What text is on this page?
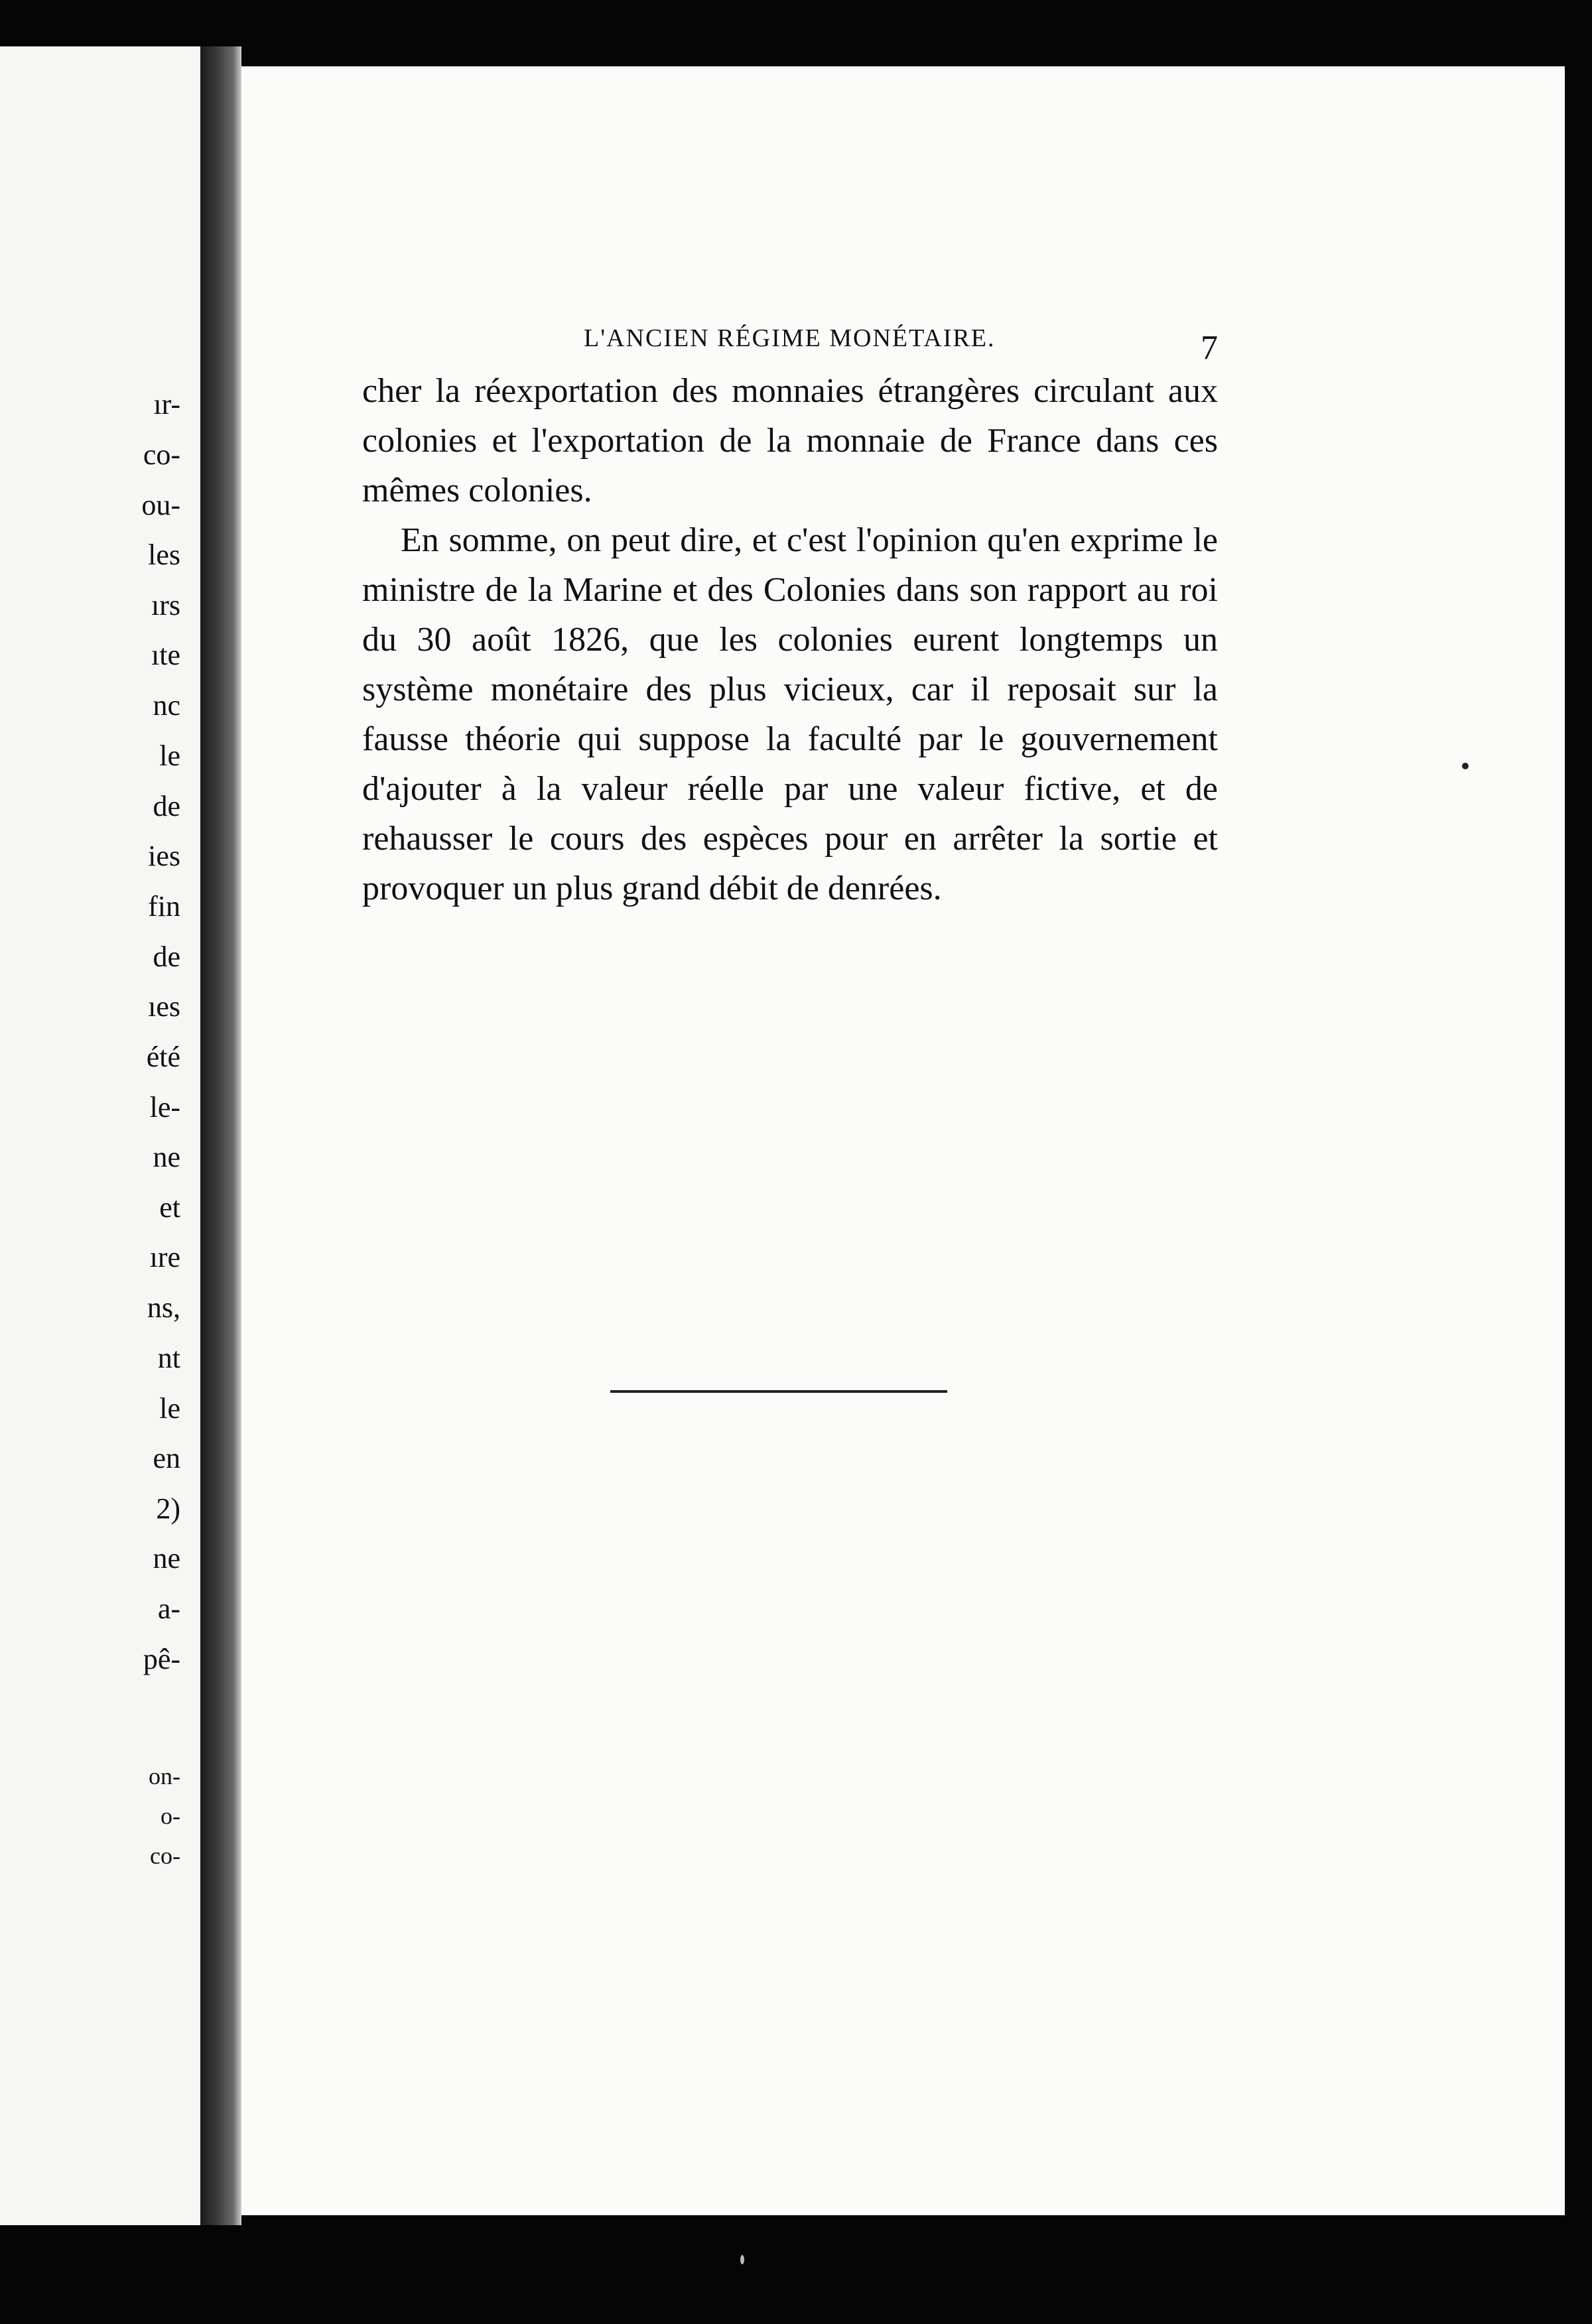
ır-
co-
ou-
les
ırs
ıte
nc
le
de
ies
fin
de
ıes
été
le-
ne
et
ıre
ns,
nt
le
en
2)
ne
a-
pê-
on-
o-
co-
L'ANCIEN RÉGIME MONÉTAIRE.	7

cher la réexportation des monnaies étrangères circulant aux colonies et l'exportation de la monnaie de France dans ces mêmes colonies.

En somme, on peut dire, et c'est l'opinion qu'en exprime le ministre de la Marine et des Colonies dans son rapport au roi du 30 août 1826, que les colonies eurent longtemps un système monétaire des plus vicieux, car il reposait sur la fausse théorie qui suppose la faculté par le gouvernement d'ajouter à la valeur réelle par une valeur fictive, et de rehausser le cours des espèces pour en arrêter la sortie et provoquer un plus grand débit de denrées.
